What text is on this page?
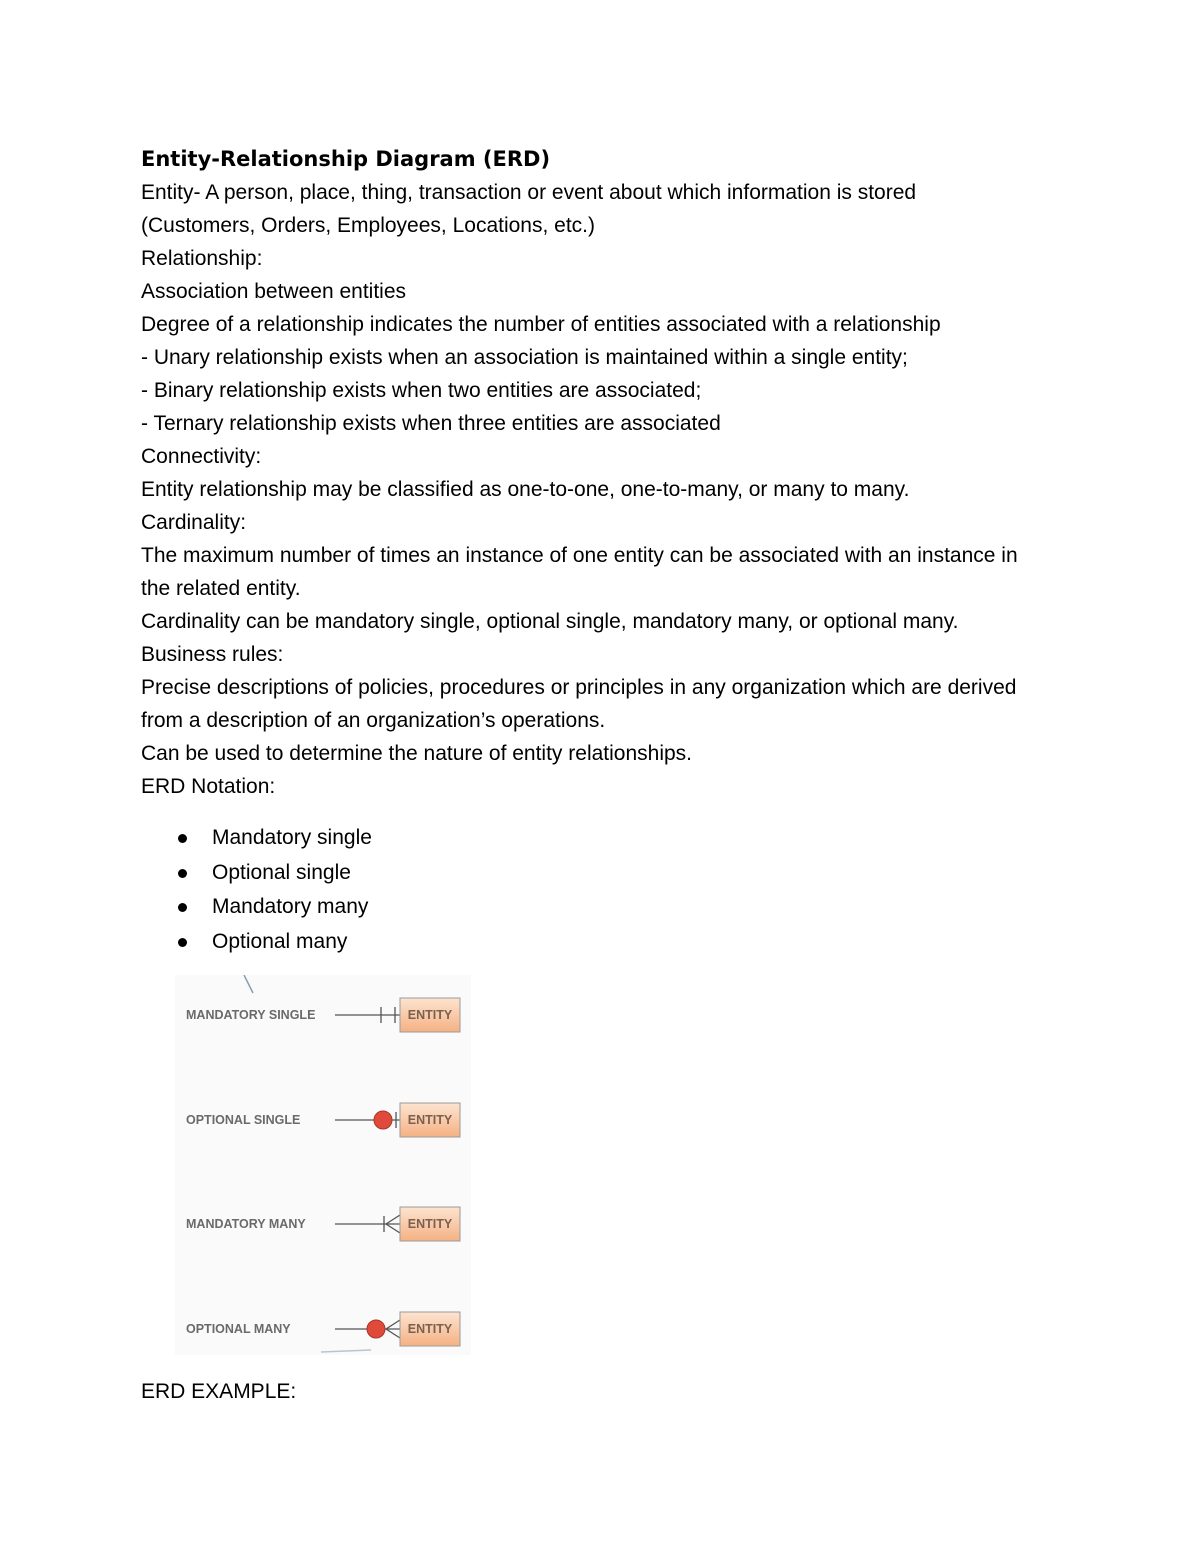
Entity-Relationship Diagram (ERD)

Entity- A person, place, thing, transaction or event about which information is stored

(Customers, Orders, Employees, Locations, etc.)

Relationship:

Association between entities

Degree of a relationship indicates the number of entities associated with a relationship

- Unary relationship exists when an association is maintained within a single entity;

- Binary relationship exists when two entities are associated;

- Ternary relationship exists when three entities are associated

Connectivity:

Entity relationship may be classified as one-to-one, one-to-many, or many to many.

Cardinality:

The maximum number of times an instance of one entity can be associated with an instance in

the related entity.

Cardinality can be mandatory single, optional single, mandatory many, or optional many.

Business rules:

Precise descriptions of policies, procedures or principles in any organization which are derived

from a description of an organization’s operations.

Can be used to determine the nature of entity relationships.

ERD Notation:

Mandatory single
Optional single
Mandatory many
Optional many
MANDATORY SINGLE	ENTITY
OPTIONAL SINGLE	ENTITY
MANDATORY MANY	ENTITY
OPTIONAL MANY	ENTITY

ERD EXAMPLE:
